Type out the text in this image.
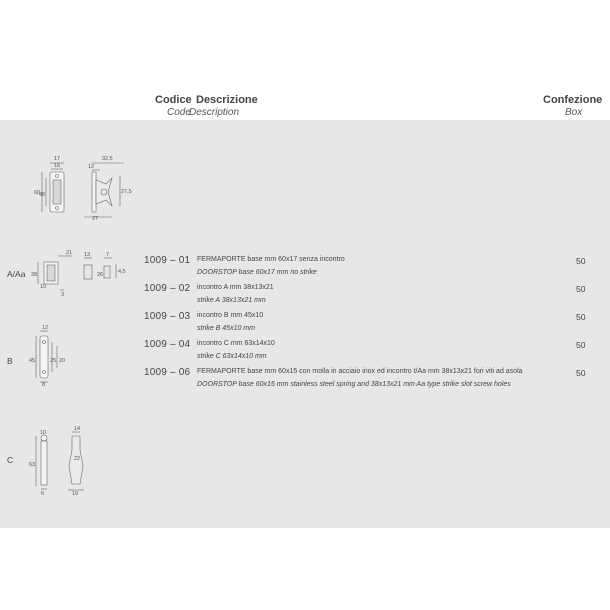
Codice Descrizione
Code
Description
Confezione
Box
A/Aa
B
C
1009 – 01 FERMAPORTE base mm 60x17 senza incontro
DOORSTOP base 60x17 mm no strike
50
1009 – 02 incontro A mm 38x13x21
strike A 38x13x21 mm
50
1009 – 03 incontro B mm 45x10
strike B 45x10 mm
50
1009 – 04 incontro C mm 63x14x10
strike C 63x14x10 mm
50
1009 – 06 FERMAPORTE base mm 60x15 con molla in acciaio inox ed incontro t/Aa mm 38x13x21 fori viti ad asola
DOORSTOP base 60x15 mm stainless steel spring and 38x13x21 mm Aa type strike slot screw holes
50
17
16
60
48
32,5
12
27,5
27
21
38
10
3
13
26
7
4,5
12
45	25 20
8
10
14
63
22
6	19
